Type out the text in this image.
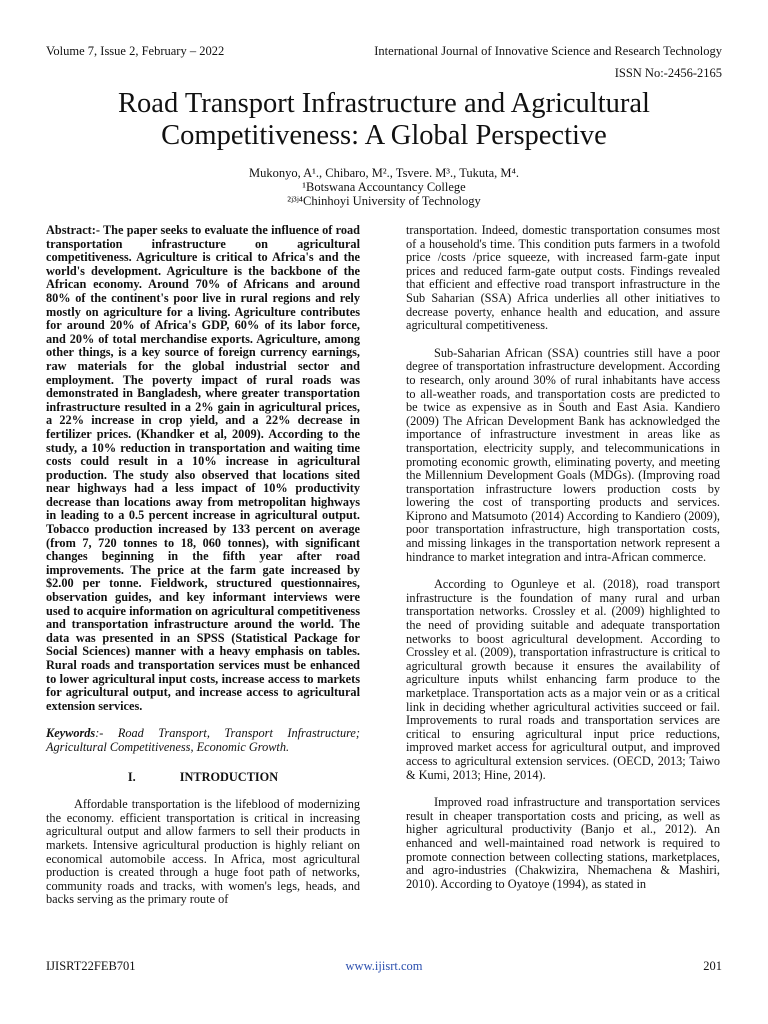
Volume 7, Issue 2, February – 2022	International Journal of Innovative Science and Research Technology
ISSN No:-2456-2165
Road Transport Infrastructure and Agricultural Competitiveness: A Global Perspective
Mukonyo, A¹., Chibaro, M²., Tsvere. M³., Tukuta, M⁴.
¹Botswana Accountancy College
²ʲ³ʲ⁴Chinhoyi University of Technology

Abstract:- The paper seeks to evaluate the influence of road transportation infrastructure on agricultural competitiveness. Agriculture is critical to Africa's and the world's development. Agriculture is the backbone of the African economy. Around 70% of Africans and around 80% of the continent's poor live in rural regions and rely mostly on agriculture for a living. Agriculture contributes for around 20% of Africa's GDP, 60% of its labor force, and 20% of total merchandise exports. Agriculture, among other things, is a key source of foreign currency earnings, raw materials for the global industrial sector and employment. The poverty impact of rural roads was demonstrated in Bangladesh, where greater transportation infrastructure resulted in a 2% gain in agricultural prices, a 22% increase in crop yield, and a 22% decrease in fertilizer prices. (Khandker et al, 2009). According to the study, a 10% reduction in transportation and waiting time costs could result in a 10% increase in agricultural production. The study also observed that locations sited near highways had a less impact of 10% productivity decrease than locations away from metropolitan highways in leading to a 0.5 percent increase in agricultural output. Tobacco production increased by 133 percent on average (from 7, 720 tonnes to 18, 060 tonnes), with significant changes beginning in the fifth year after road improvements. The price at the farm gate increased by $2.00 per tonne. Fieldwork, structured questionnaires, observation guides, and key informant interviews were used to acquire information on agricultural competitiveness and transportation infrastructure around the world. The data was presented in an SPSS (Statistical Package for Social Sciences) manner with a heavy emphasis on tables. Rural roads and transportation services must be enhanced to lower agricultural input costs, increase access to markets for agricultural output, and increase access to agricultural extension services.

Keywords:- Road Transport, Transport Infrastructure; Agricultural Competitiveness, Economic Growth.

I.	INTRODUCTION

Affordable transportation is the lifeblood of modernizing the economy. efficient transportation is critical in increasing agricultural output and allow farmers to sell their products in markets. Intensive agricultural production is highly reliant on economical automobile access. In Africa, most agricultural production is created through a huge foot path of networks, community roads and tracks, with women's legs, heads, and backs serving as the primary route of

transportation. Indeed, domestic transportation consumes most of a household's time. This condition puts farmers in a twofold price /costs /price squeeze, with increased farm-gate input prices and reduced farm-gate output costs. Findings revealed that efficient and effective road transport infrastructure in the Sub Saharian (SSA) Africa underlies all other initiatives to decrease poverty, enhance health and education, and assure agricultural competitiveness.

Sub-Saharian African (SSA) countries still have a poor degree of transportation infrastructure development. According to research, only around 30% of rural inhabitants have access to all-weather roads, and transportation costs are predicted to be twice as expensive as in South and East Asia. Kandiero (2009) The African Development Bank has acknowledged the importance of infrastructure investment in areas like as transportation, electricity supply, and telecommunications in promoting economic growth, eliminating poverty, and meeting the Millennium Development Goals (MDGs). (Improving road transportation infrastructure lowers production costs by lowering the cost of transporting products and services. Kiprono and Matsumoto (2014) According to Kandiero (2009), poor transportation infrastructure, high transportation costs, and missing linkages in the transportation network represent a hindrance to market integration and intra-African commerce.

According to Ogunleye et al. (2018), road transport infrastructure is the foundation of many rural and urban transportation networks. Crossley et al. (2009) highlighted to the need of providing suitable and adequate transportation networks to boost agricultural development. According to Crossley et al. (2009), transportation infrastructure is critical to agricultural growth because it ensures the availability of agriculture inputs whilst enhancing farm produce to the marketplace. Transportation acts as a major vein or as a critical link in deciding whether agricultural activities succeed or fail. Improvements to rural roads and transportation services are critical to ensuring agricultural input price reductions, improved market access for agricultural output, and improved access to agricultural extension services. (OECD, 2013; Taiwo & Kumi, 2013; Hine, 2014).

Improved road infrastructure and transportation services result in cheaper transportation costs and pricing, as well as higher agricultural productivity (Banjo et al., 2012). An enhanced and well-maintained road network is required to promote connection between collecting stations, marketplaces, and agro-industries (Chakwizira, Nhemachena & Mashiri, 2010). According to Oyatoye (1994), as stated in

IJISRT22FEB701	www.ijisrt.com	201
